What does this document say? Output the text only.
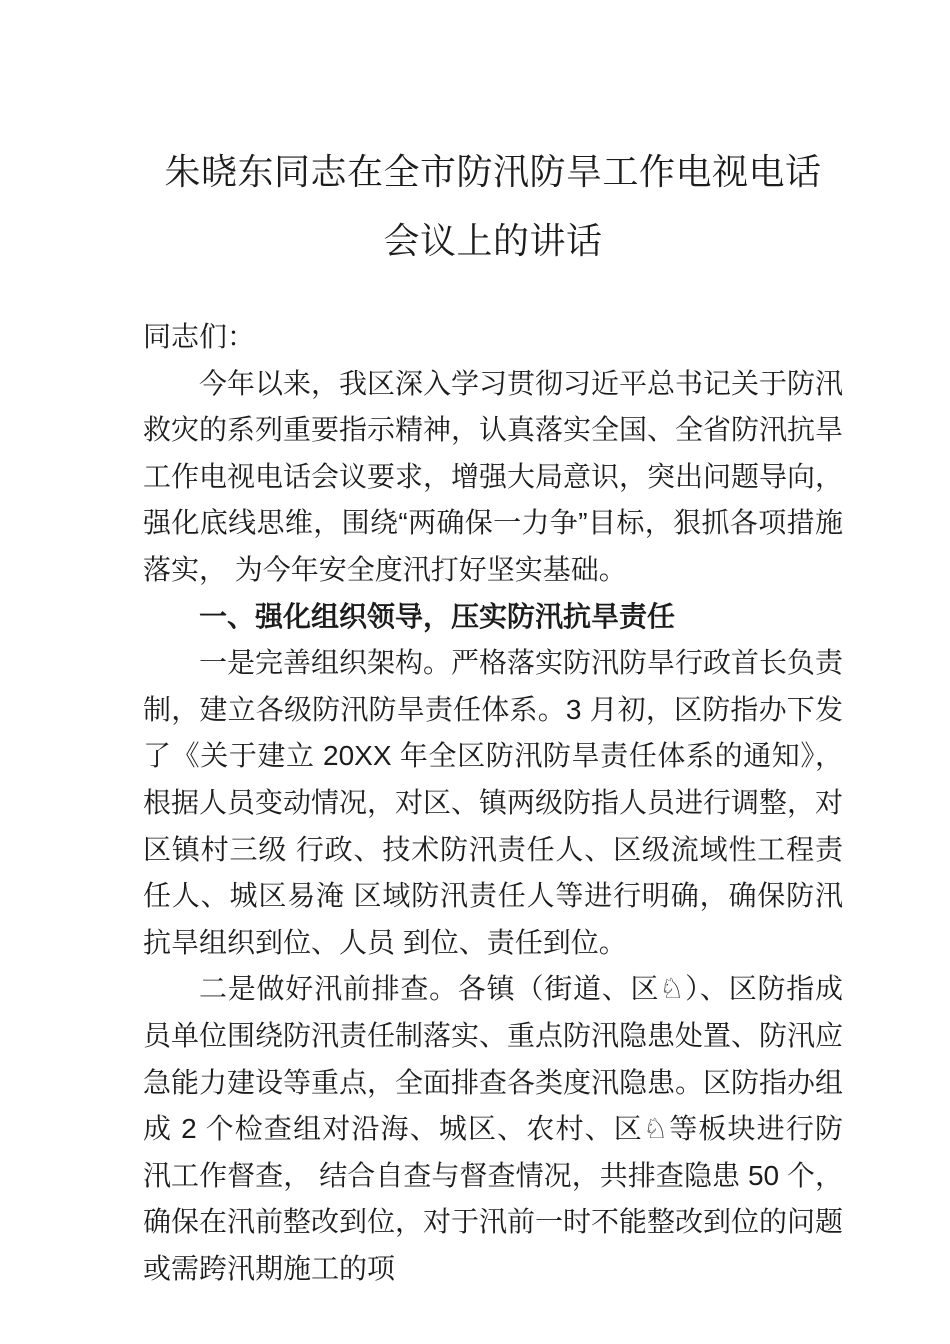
朱晓东同志在全市防汛防旱工作电视电话
会议上的讲话

同志们：

今年以来，我区深入学习贯彻习近平总书记关于防汛救灾的系列重要指示精神，认真落实全国、全省防汛抗旱工作电视电话会议要求，增强大局意识，突出问题导向，强化底线思维，围绕“两确保一力争”目标，狠抓各项措施落实， 为今年安全度汛打好坚实基础。

一、强化组织领导，压实防汛抗旱责任

一是完善组织架构。严格落实防汛防旱行政首长负责制，建立各级防汛防旱责任体系。3 月初，区防指办下发了《关于建立 20XX 年全区防汛防旱责任体系的通知》，根据人员变动情况，对区、镇两级防指人员进行调整，对区镇村三级 行政、技术防汛责任人、区级流域性工程责任人、城区易淹 区域防汛责任人等进行明确，确保防汛抗旱组织到位、人员 到位、责任到位。

二是做好汛前排查。各镇（街道、区♘）、区防指成员单位围绕防汛责任制落实、重点防汛隐患处置、防汛应急能力建设等重点，全面排查各类度汛隐患。区防指办组成 2 个检查组对沿海、城区、农村、区♘等板块进行防汛工作督查， 结合自查与督查情况，共排查隐患 50 个，确保在汛前整改到位，对于汛前一时不能整改到位的问题或需跨汛期施工的项
